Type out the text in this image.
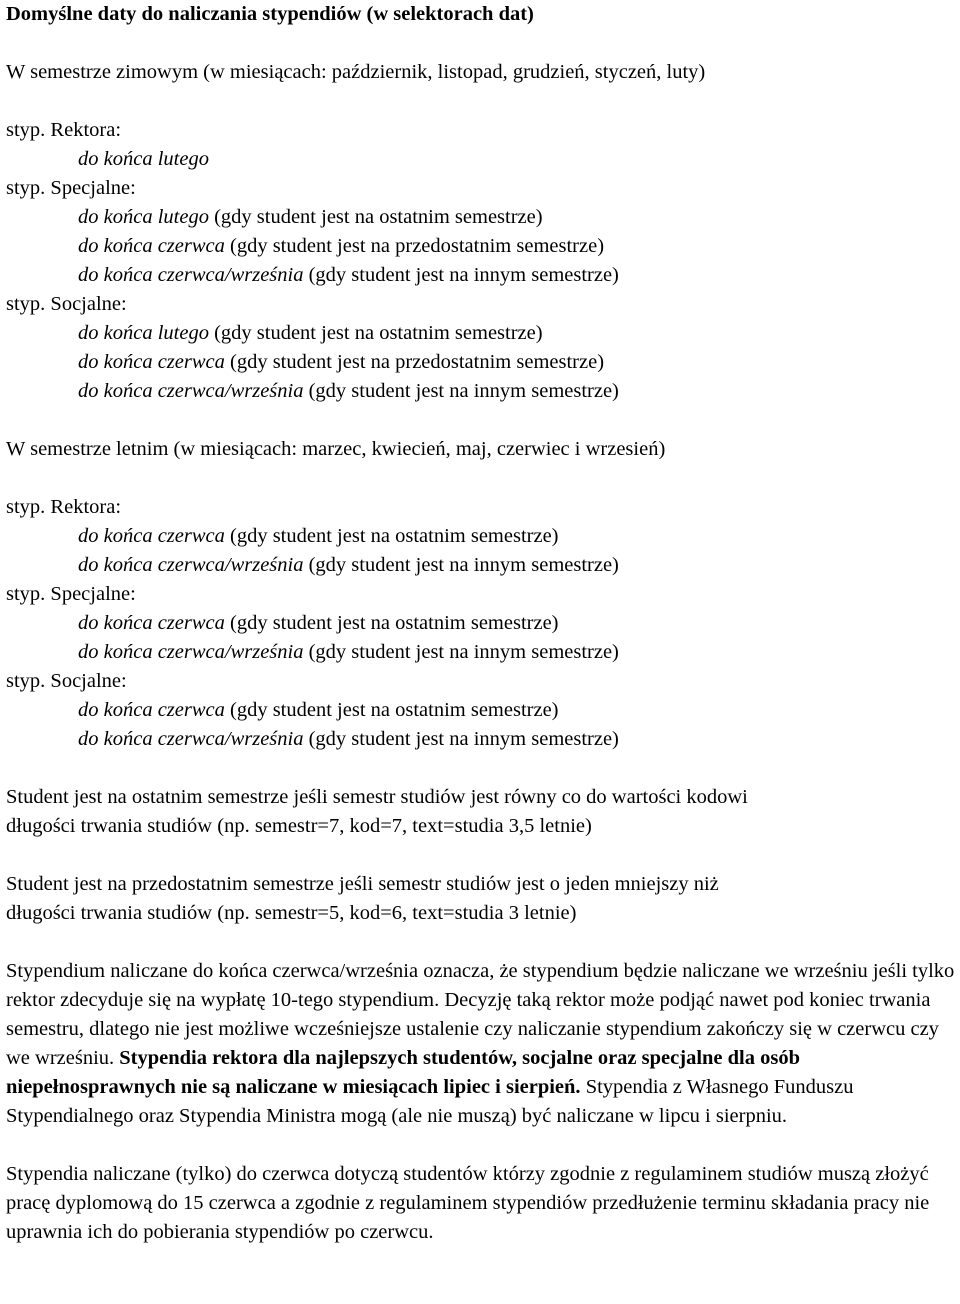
Domyślne daty do naliczania stypendiów (w selektorach dat)
W semestrze zimowym (w miesiącach: październik, listopad, grudzień, styczeń, luty)
styp. Rektora:
do końca lutego
styp. Specjalne:
do końca lutego (gdy student jest na ostatnim semestrze)
do końca czerwca (gdy student jest na przedostatnim semestrze)
do końca czerwca/września (gdy student jest na innym semestrze)
styp. Socjalne:
do końca lutego (gdy student jest na ostatnim semestrze)
do końca czerwca (gdy student jest na przedostatnim semestrze)
do końca czerwca/września (gdy student jest na innym semestrze)
W semestrze letnim (w miesiącach: marzec, kwiecień, maj, czerwiec i wrzesień)
styp. Rektora:
do końca czerwca (gdy student jest na ostatnim semestrze)
do końca czerwca/września (gdy student jest na innym semestrze)
styp. Specjalne:
do końca czerwca (gdy student jest na ostatnim semestrze)
do końca czerwca/września (gdy student jest na innym semestrze)
styp. Socjalne:
do końca czerwca (gdy student jest na ostatnim semestrze)
do końca czerwca/września (gdy student jest na innym semestrze)
Student jest na ostatnim semestrze jeśli semestr studiów jest równy co do wartości kodowi
długości trwania studiów (np. semestr=7, kod=7, text=studia 3,5 letnie)
Student jest na przedostatnim semestrze jeśli semestr studiów jest o jeden mniejszy niż
długości trwania studiów (np. semestr=5, kod=6, text=studia 3 letnie)

Stypendium naliczane do końca czerwca/września oznacza, że stypendium będzie naliczane we wrześniu jeśli tylko rektor zdecyduje się na wypłatę 10-tego stypendium. Decyzję taką rektor może podjąć nawet pod koniec trwania semestru, dlatego nie jest możliwe wcześniejsze ustalenie czy naliczanie stypendium zakończy się w czerwcu czy we wrześniu. Stypendia rektora dla najlepszych studentów, socjalne oraz specjalne dla osób niepełnosprawnych nie są naliczane w miesiącach lipiec i sierpień. Stypendia z Własnego Funduszu Stypendialnego oraz Stypendia Ministra mogą (ale nie muszą) być naliczane w lipcu i sierpniu.

Stypendia naliczane (tylko) do czerwca dotyczą studentów którzy zgodnie z regulaminem studiów muszą złożyć pracę dyplomową do 15 czerwca a zgodnie z regulaminem stypendiów przedłużenie terminu składania pracy nie uprawnia ich do pobierania stypendiów po czerwcu.
